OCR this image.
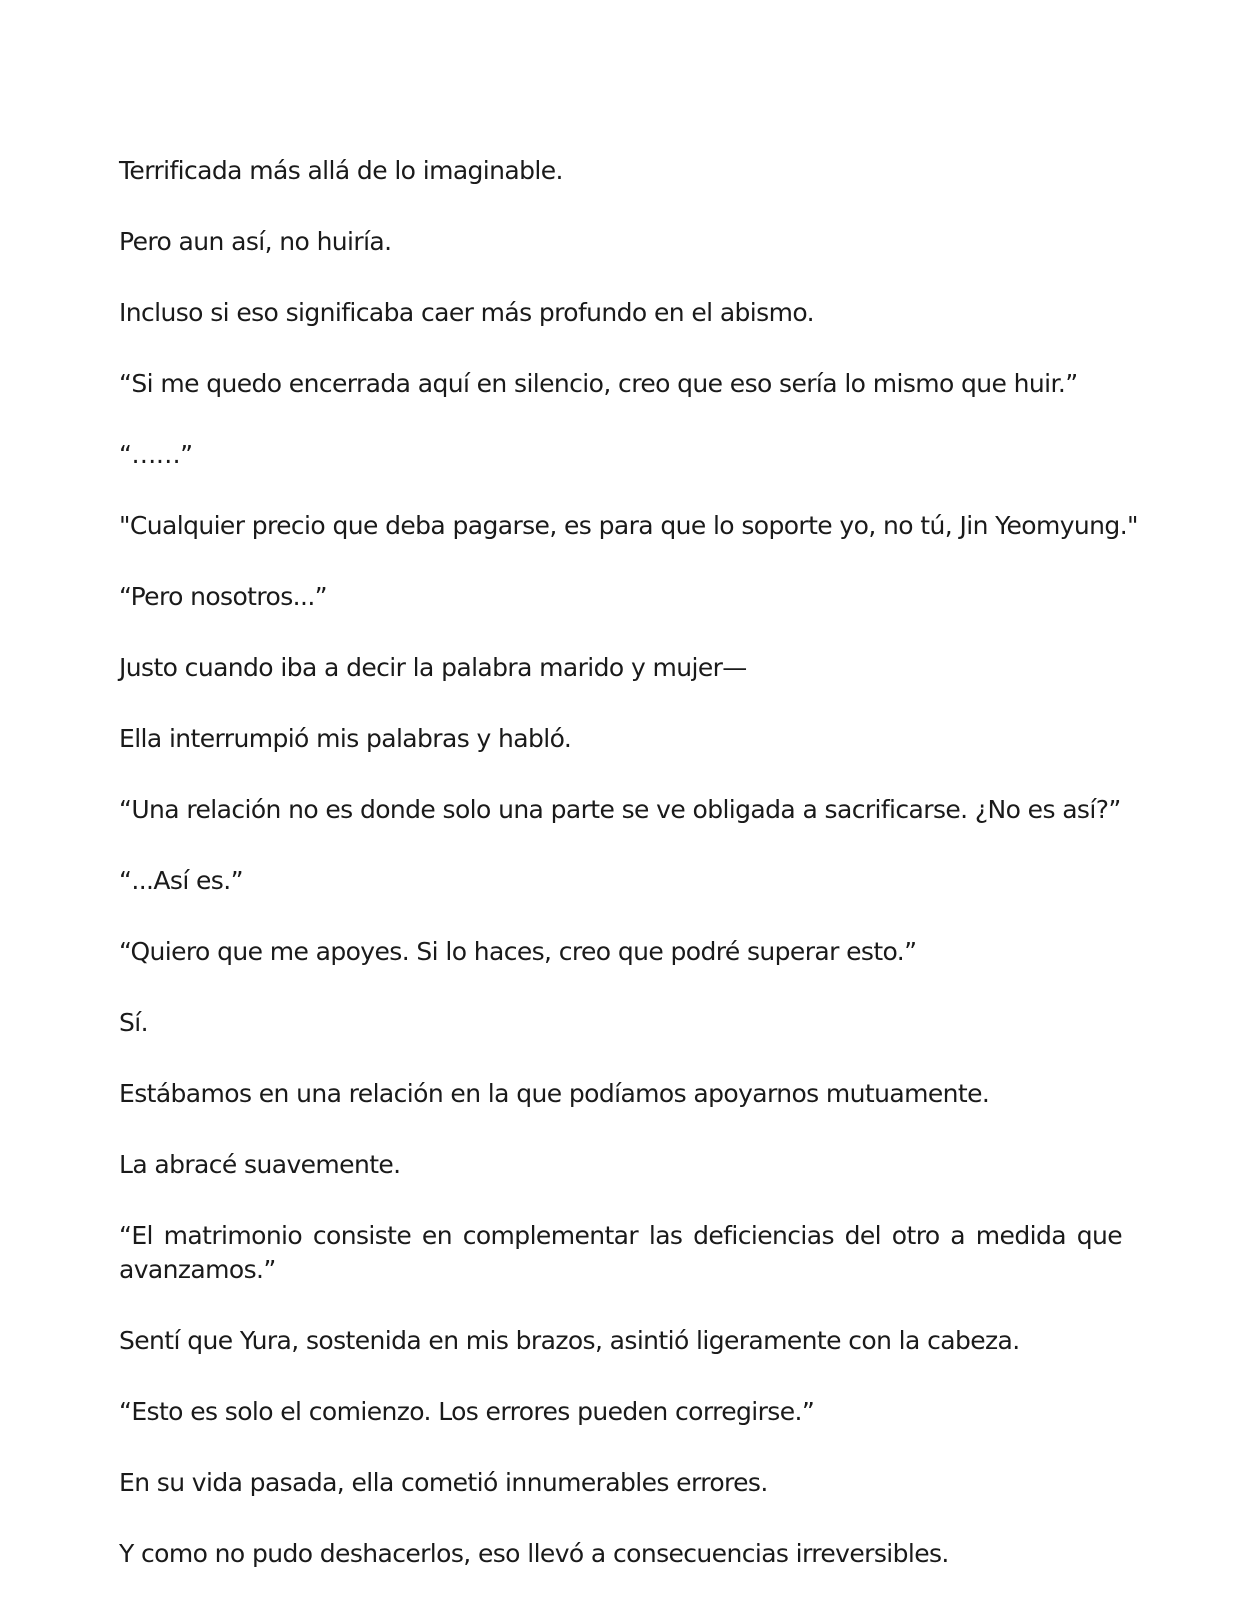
Terrificada más allá de lo imaginable.

Pero aun así, no huiría.

Incluso si eso significaba caer más profundo en el abismo.

“Si me quedo encerrada aquí en silencio, creo que eso sería lo mismo que huir.”

“……”

"Cualquier precio que deba pagarse, es para que lo soporte yo, no tú, Jin Yeomyung."

“Pero nosotros...”

Justo cuando iba a decir la palabra marido y mujer—

Ella interrumpió mis palabras y habló.

“Una relación no es donde solo una parte se ve obligada a sacrificarse. ¿No es así?”

“...Así es.”

“Quiero que me apoyes. Si lo haces, creo que podré superar esto.”

Sí.

Estábamos en una relación en la que podíamos apoyarnos mutuamente.

La abracé suavemente.

“El matrimonio consiste en complementar las deficiencias del otro a medida que avanzamos.”

Sentí que Yura, sostenida en mis brazos, asintió ligeramente con la cabeza.

“Esto es solo el comienzo. Los errores pueden corregirse.”

En su vida pasada, ella cometió innumerables errores.

Y como no pudo deshacerlos, eso llevó a consecuencias irreversibles.
